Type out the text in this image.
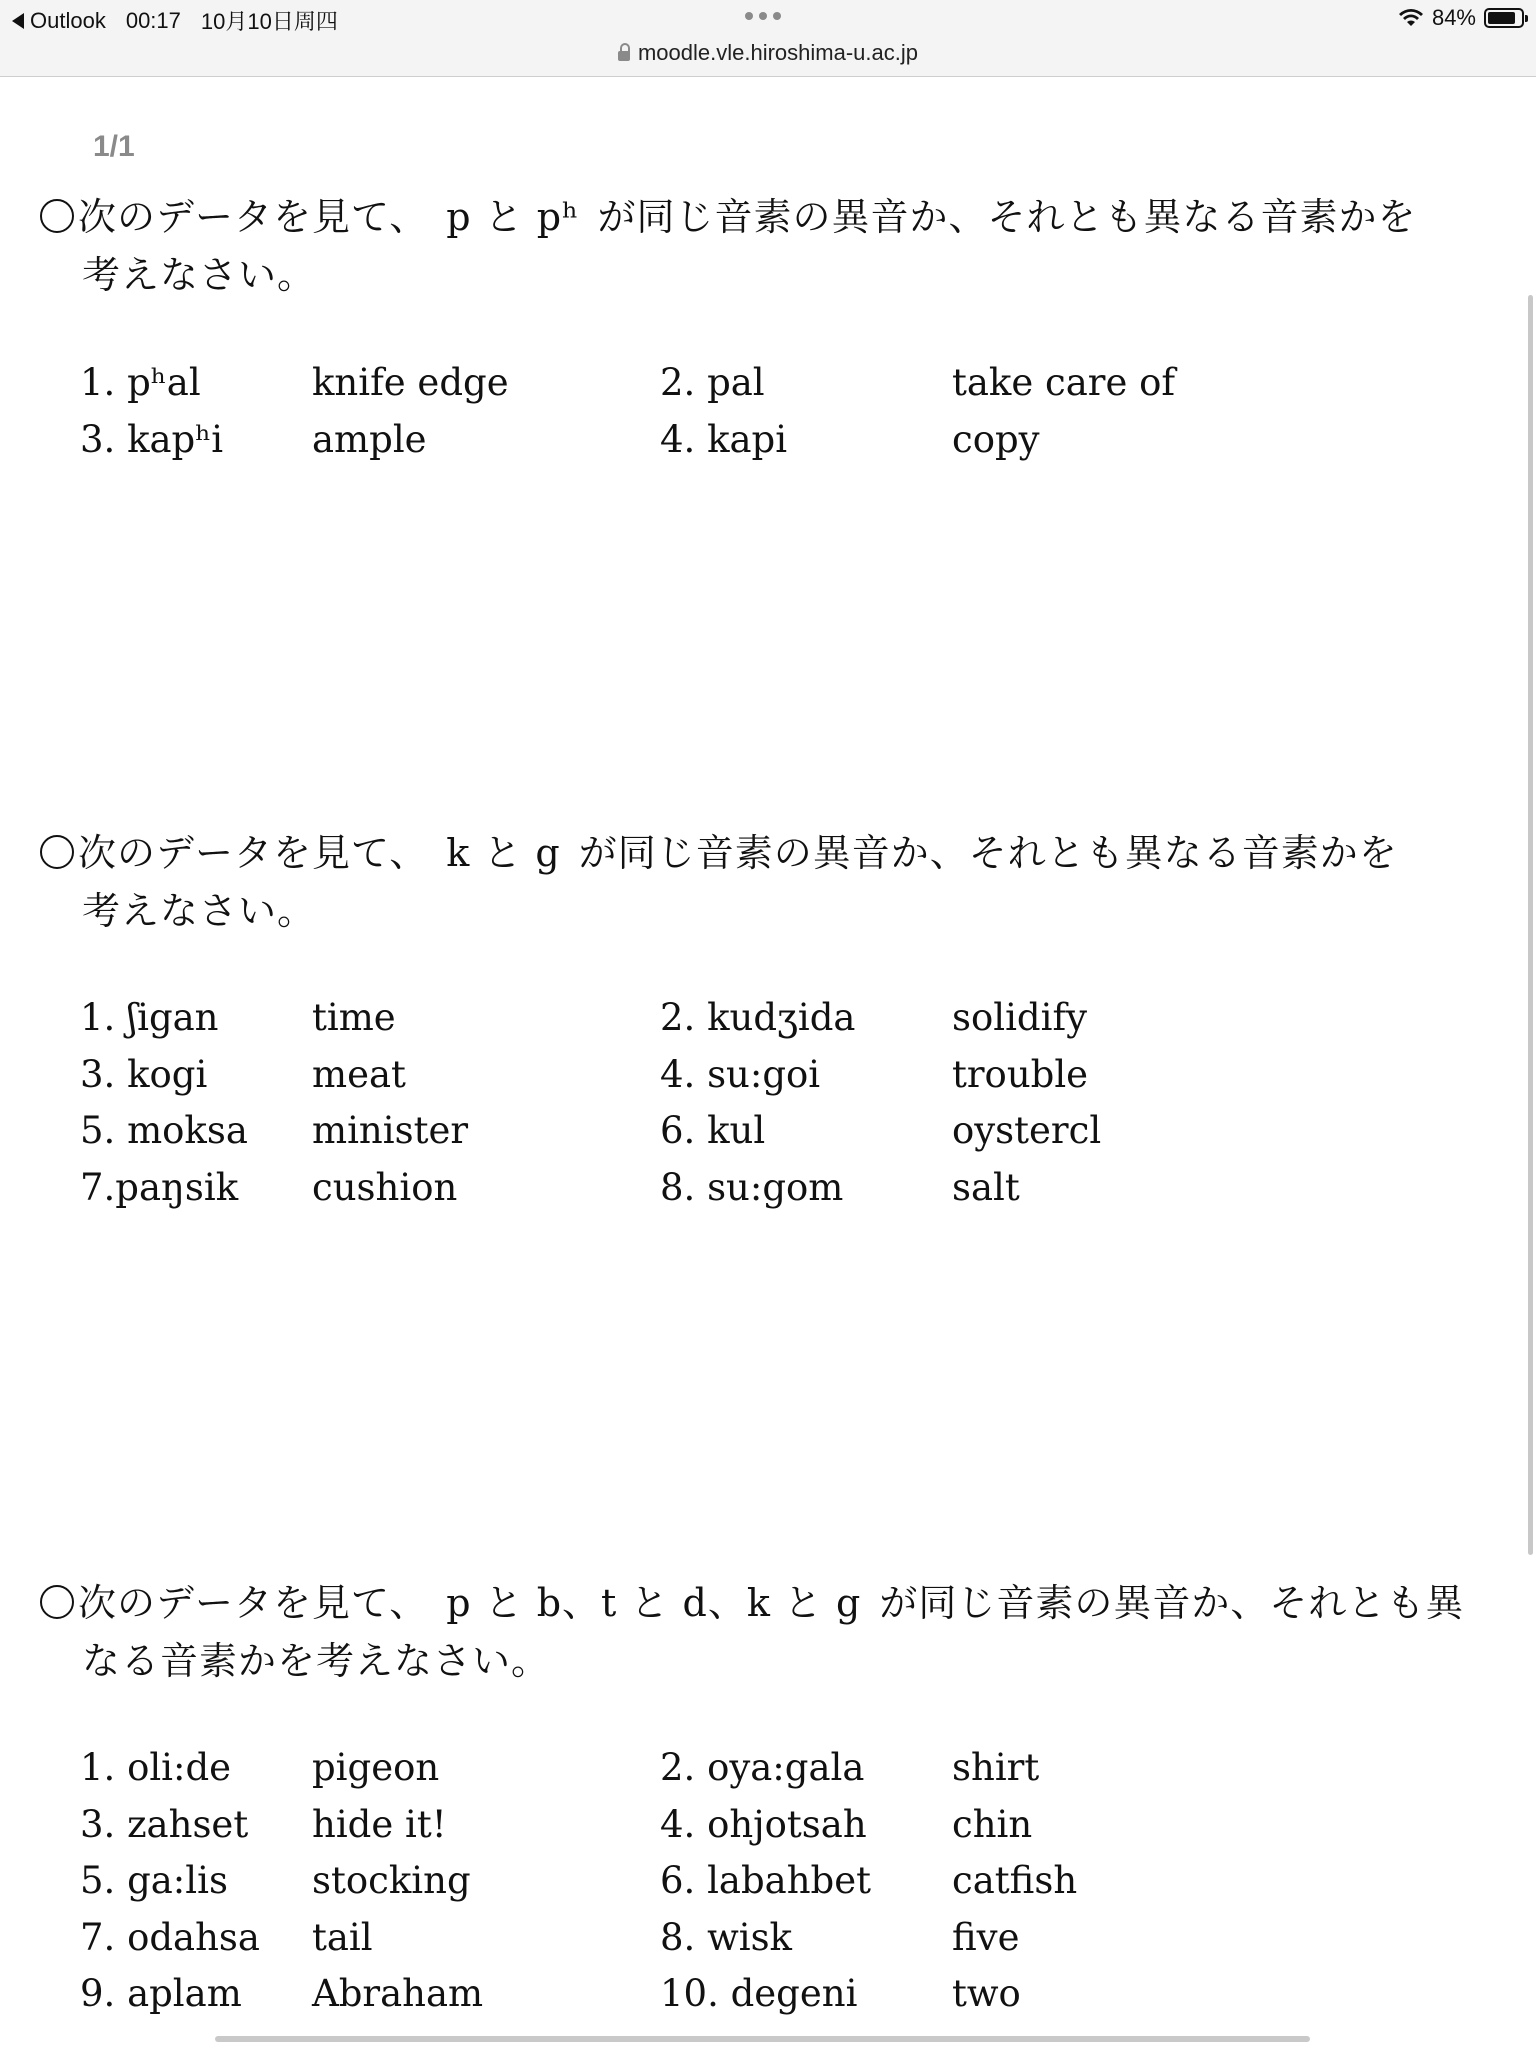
Outlook 00:17 10月10日周四
moodle.vle.hiroshima-u.ac.jp
84%
1/1
次のデータを見て、 p と pʰ が同じ音素の異音か、それとも異なる音素かを
考えなさい。
1. pʰal	knife edge	2. pal	take care of
3. kapʰi ample	4. kapi	copy
次のデータを見て、 k と g が同じ音素の異音か、それとも異なる音素かを
考えなさい。
1. ʃigan	time	2. kudʒida	solidify
3. kogi	meat	4. su:goi	trouble
5. moksa minister	6. kul	oystercl
7.paŋsik cushion	8. su:gom	salt
次のデータを見て、 p と b、t と d、k と g が同じ音素の異音か、それとも異
なる音素かを考えなさい。
1. oli:de pigeon	2. oya:gala shirt
3. zahset hide it!	4. ohjotsah chin
5. ga:lis stocking	6. labahbet catfish
7. odahsa tail	8. wisk	five
9. aplam Abraham	10. degeni	two
